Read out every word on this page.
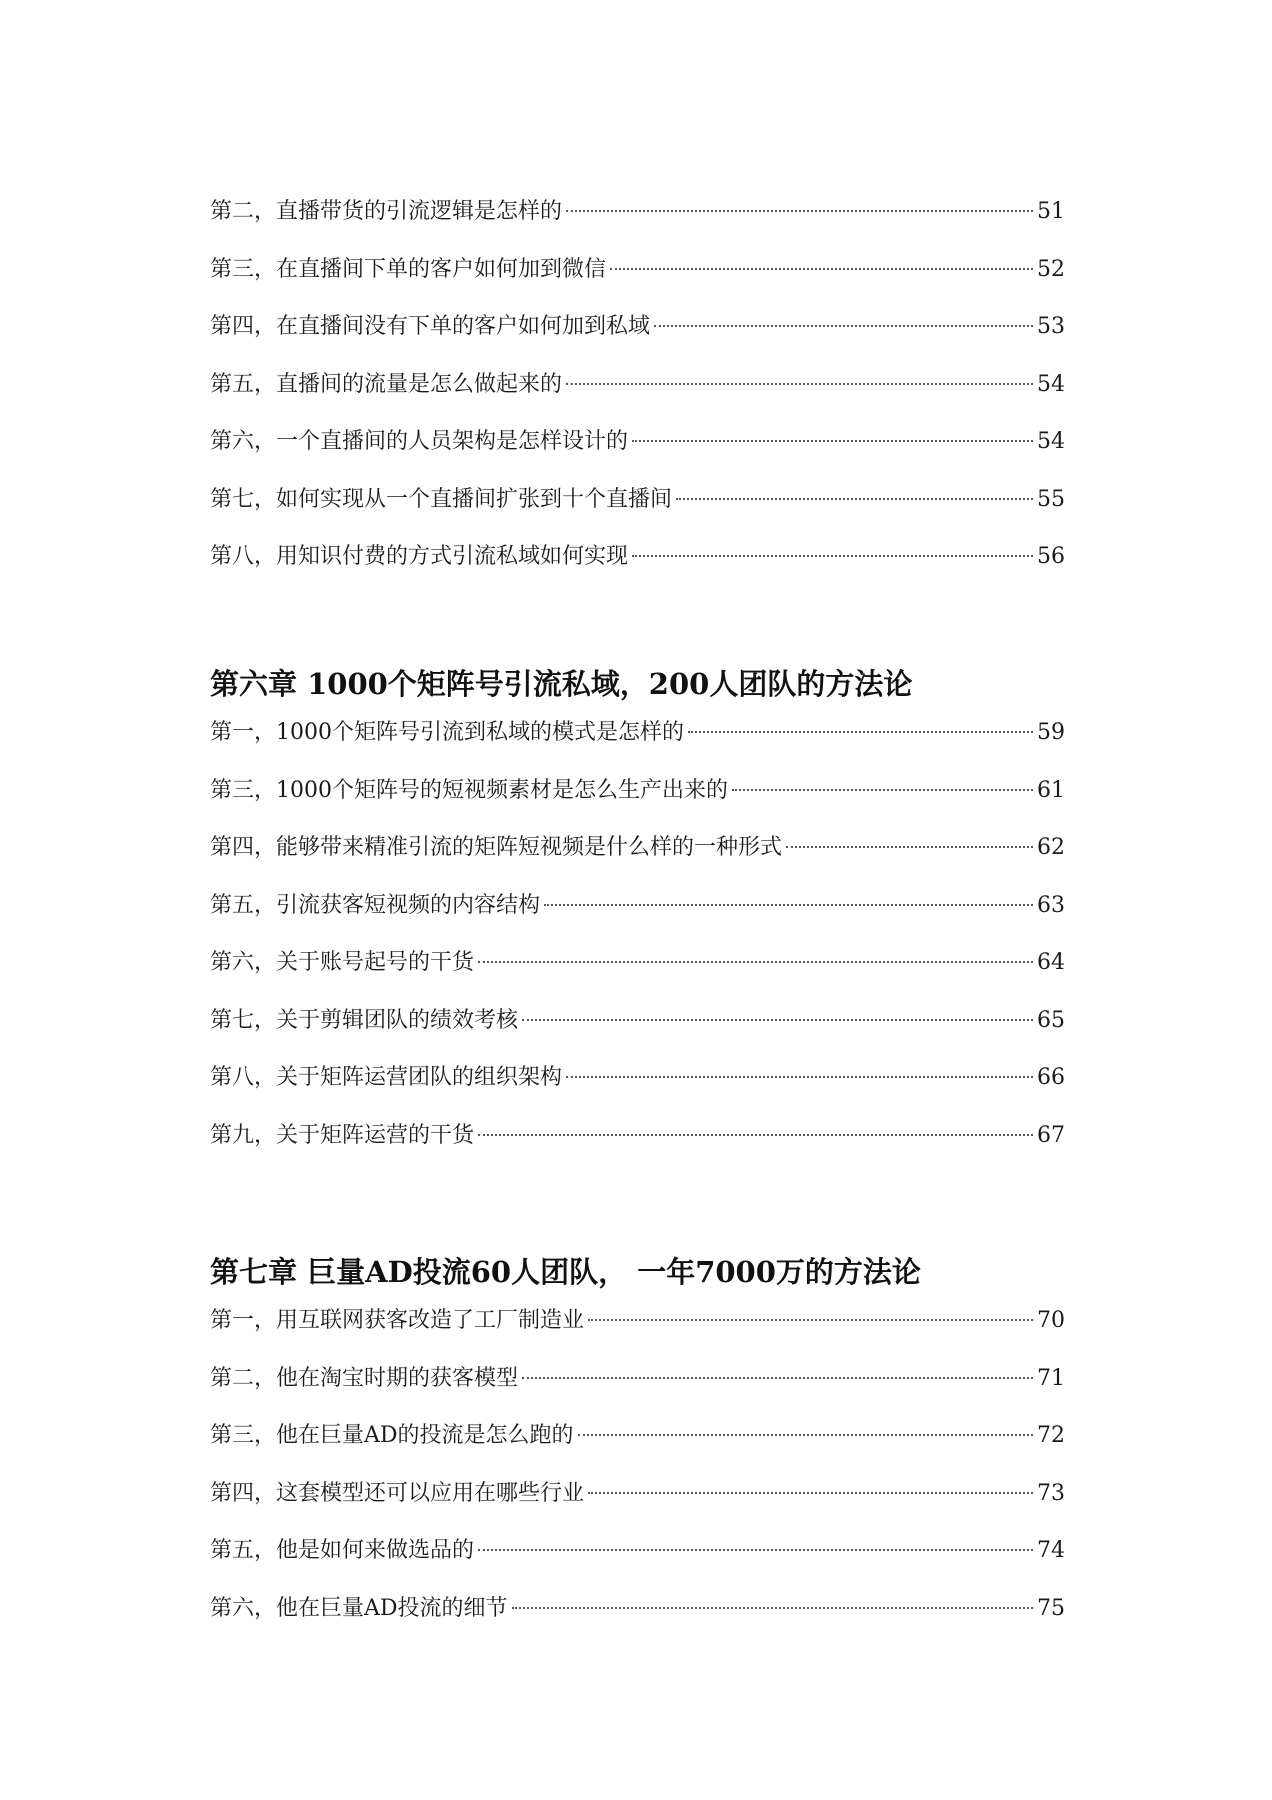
第二，直播带货的引流逻辑是怎样的	51
第三，在直播间下单的客户如何加到微信	52
第四，在直播间没有下单的客户如何加到私域	53
第五，直播间的流量是怎么做起来的	54
第六，一个直播间的人员架构是怎样设计的	54
第七，如何实现从一个直播间扩张到十个直播间	55
第八，用知识付费的方式引流私域如何实现	56
第六章 1000个矩阵号引流私域，200人团队的方法论
第一，1000个矩阵号引流到私域的模式是怎样的	59
第三，1000个矩阵号的短视频素材是怎么生产出来的	61
第四，能够带来精准引流的矩阵短视频是什么样的一种形式	62
第五，引流获客短视频的内容结构	63
第六，关于账号起号的干货	64
第七，关于剪辑团队的绩效考核	65
第八，关于矩阵运营团队的组织架构	66
第九，关于矩阵运营的干货	67
第七章 巨量AD投流60人团队， 一年7000万的方法论
第一，用互联网获客改造了工厂制造业	70
第二，他在淘宝时期的获客模型	71
第三，他在巨量AD的投流是怎么跑的	72
第四，这套模型还可以应用在哪些行业	73
第五，他是如何来做选品的	74
第六，他在巨量AD投流的细节	75
